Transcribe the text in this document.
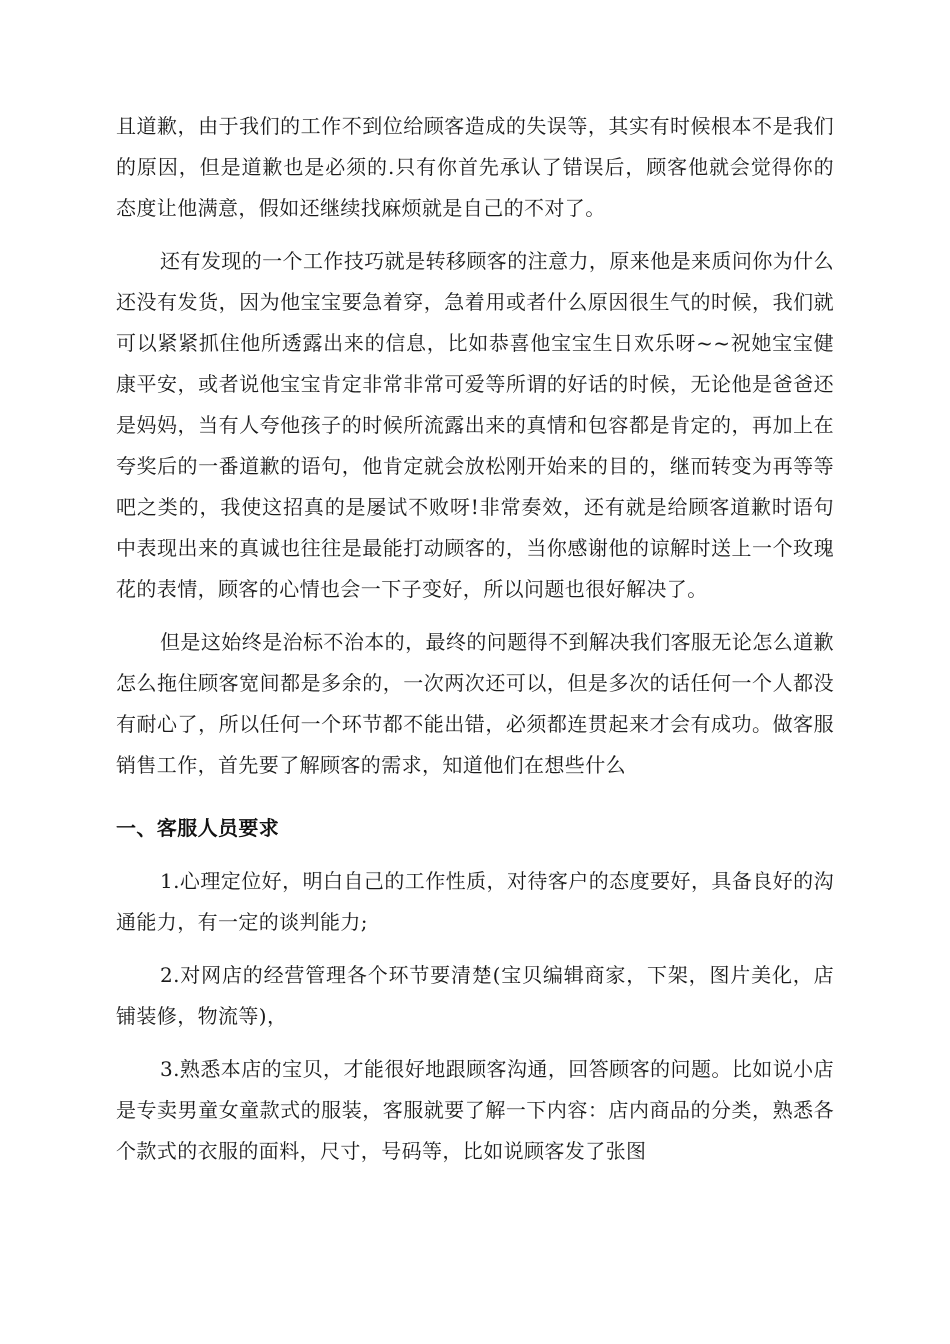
且道歉，由于我们的工作不到位给顾客造成的失误等，其实有时候根本不是我们的原因，但是道歉也是必须的.只有你首先承认了错误后，顾客他就会觉得你的态度让他满意，假如还继续找麻烦就是自己的不对了。

还有发现的一个工作技巧就是转移顾客的注意力，原来他是来质问你为什么还没有发货，因为他宝宝要急着穿，急着用或者什么原因很生气的时候，我们就可以紧紧抓住他所透露出来的信息，比如恭喜他宝宝生日欢乐呀~~祝她宝宝健康平安，或者说他宝宝肯定非常非常可爱等所谓的好话的时候，无论他是爸爸还是妈妈，当有人夸他孩子的时候所流露出来的真情和包容都是肯定的，再加上在夸奖后的一番道歉的语句，他肯定就会放松刚开始来的目的，继而转变为再等等吧之类的，我使这招真的是屡试不败呀!非常奏效，还有就是给顾客道歉时语句中表现出来的真诚也往往是最能打动顾客的，当你感谢他的谅解时送上一个玫瑰花的表情，顾客的心情也会一下子变好，所以问题也很好解决了。

但是这始终是治标不治本的，最终的问题得不到解决我们客服无论怎么道歉怎么拖住顾客宽间都是多余的，一次两次还可以，但是多次的话任何一个人都没有耐心了，所以任何一个环节都不能出错，必须都连贯起来才会有成功。做客服销售工作，首先要了解顾客的需求，知道他们在想些什么

一、客服人员要求

1.心理定位好，明白自己的工作性质，对待客户的态度要好，具备良好的沟通能力，有一定的谈判能力;

2.对网店的经营管理各个环节要清楚(宝贝编辑商家，下架，图片美化，店铺装修，物流等)，

3.熟悉本店的宝贝，才能很好地跟顾客沟通，回答顾客的问题。比如说小店是专卖男童女童款式的服装，客服就要了解一下内容：店内商品的分类，熟悉各个款式的衣服的面料，尺寸，号码等，比如说顾客发了张图
